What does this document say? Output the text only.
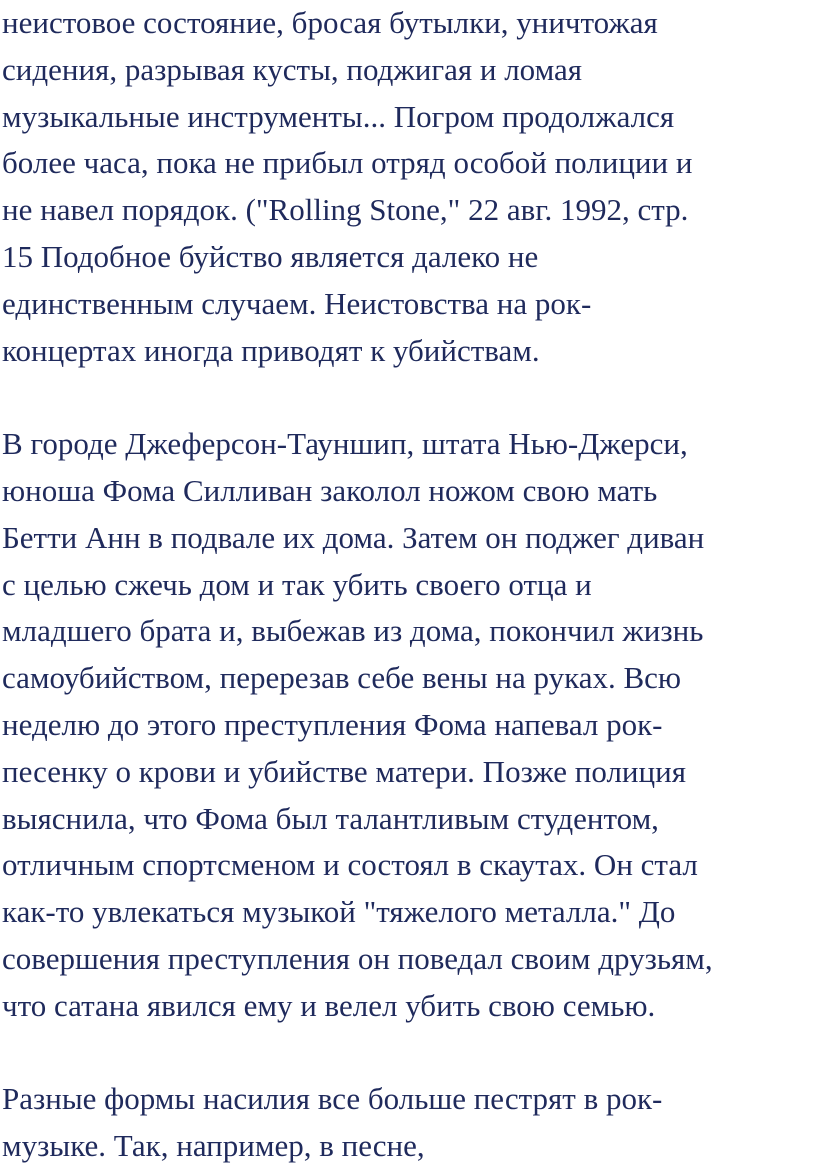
неистовое состояние, бросая бутылки, уничтожая
сидения, разрывая кусты, поджигая и ломая
музыкальные инструменты... Погром продолжался
более часа, пока не прибыл отряд особой полиции и
не навел порядок. ("Rolling Stone," 22 авг. 1992, стр.
15 Подобное буйство является далеко не
единственным случаем. Неистовства на рок-
концертах иногда приводят к убийствам.

В городе Джеферсон-Тауншип, штата Нью-Джерси,
юноша Фома Силливан заколол ножом свою мать
Бетти Анн в подвале их дома. Затем он поджег диван
с целью сжечь дом и так убить своего отца и
младшего брата и, выбежав из дома, покончил жизнь
самоубийством, перерезав себе вены на руках. Всю
неделю до этого преступления Фома напевал рок-
песенку о крови и убийстве матери. Позже полиция
выяснила, что Фома был талантливым студентом,
отличным спортсменом и состоял в скаутах. Он стал
как-то увлекаться музыкой "тяжелого металла." До
совершения преступления он поведал своим друзьям,
что сатана явился ему и велел убить свою семью.

Разные формы насилия все больше пестрят в рок-
музыке. Так, например, в песне,
